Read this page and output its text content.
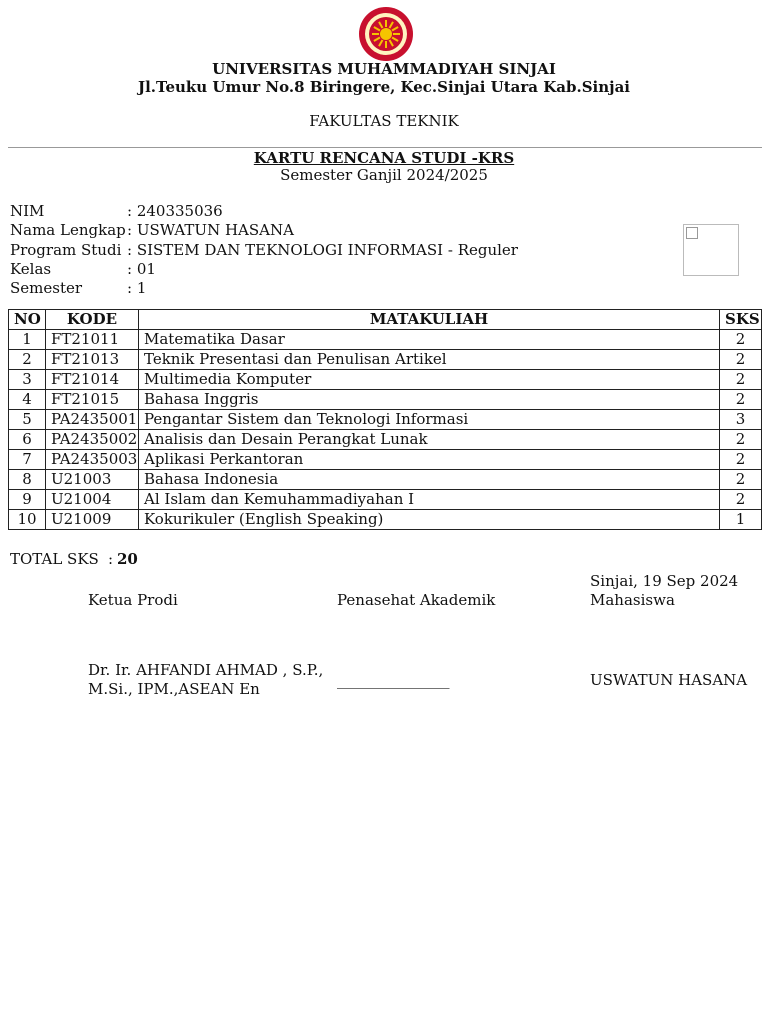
UNIVERSITAS MUHAMMADIYAH SINJAI
Jl.Teuku Umur No.8 Biringere, Kec.Sinjai Utara Kab.Sinjai
FAKULTAS TEKNIK
KARTU RENCANA STUDI -KRS
Semester Ganjil 2024/2025
NIM	: 240335036
Nama Lengkap : USWATUN HASANA
Program Studi : SISTEM DAN TEKNOLOGI INFORMASI - Reguler
Kelas	: 01
Semester	: 1
NO	KODE	MATAKULIAH	SKS
1	FT21011	Matematika Dasar	2
2	FT21013	Teknik Presentasi dan Penulisan Artikel	2
3	FT21014	Multimedia Komputer	2
4	FT21015	Bahasa Inggris	2
5	PA2435001	Pengantar Sistem dan Teknologi Informasi	3
6	PA2435002	Analisis dan Desain Perangkat Lunak	2
7	PA2435003	Aplikasi Perkantoran	2
8	U21003	Bahasa Indonesia	2
9	U21004	Al Islam dan Kemuhammadiyahan I	2
10	U21009	Kokurikuler (English Speaking)	1
TOTAL SKS : 20
Sinjai, 19 Sep 2024
Ketua Prodi	Penasehat Akademik	Mahasiswa
Dr. Ir. AHFANDI AHMAD , S.P.,
M.Si., IPM.,ASEAN En	_______________	USWATUN HASANA
